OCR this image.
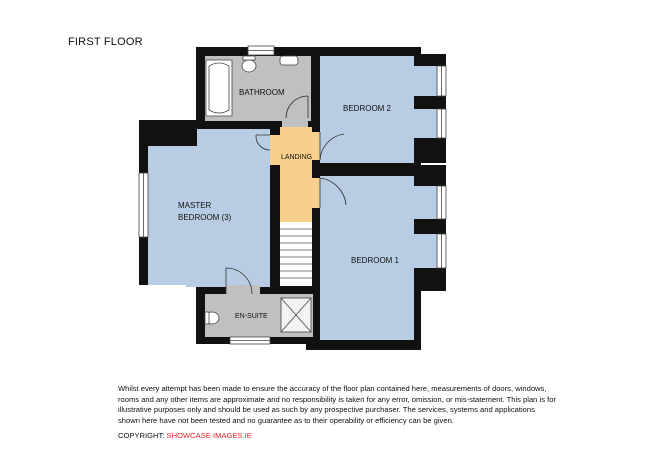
FIRST FLOOR
BATHROOM
BEDROOM 2
LANDING
MASTER
BEDROOM (3)
BEDROOM 1
EN-SUITE
Whilst every attempt has been made to ensure the accuracy of the floor plan contained here, measurements of doors, windows, rooms and any other items are approximate and no responsibility is taken for any error, omission, or mis-statement. This plan is for illustrative purposes only and should be used as such by any prospective purchaser. The services, systems and applications shown here have not been tested and no guarantee as to their operability or efficiency can be given.
COPYRIGHT: SHOWCASE IMAGES.IE
